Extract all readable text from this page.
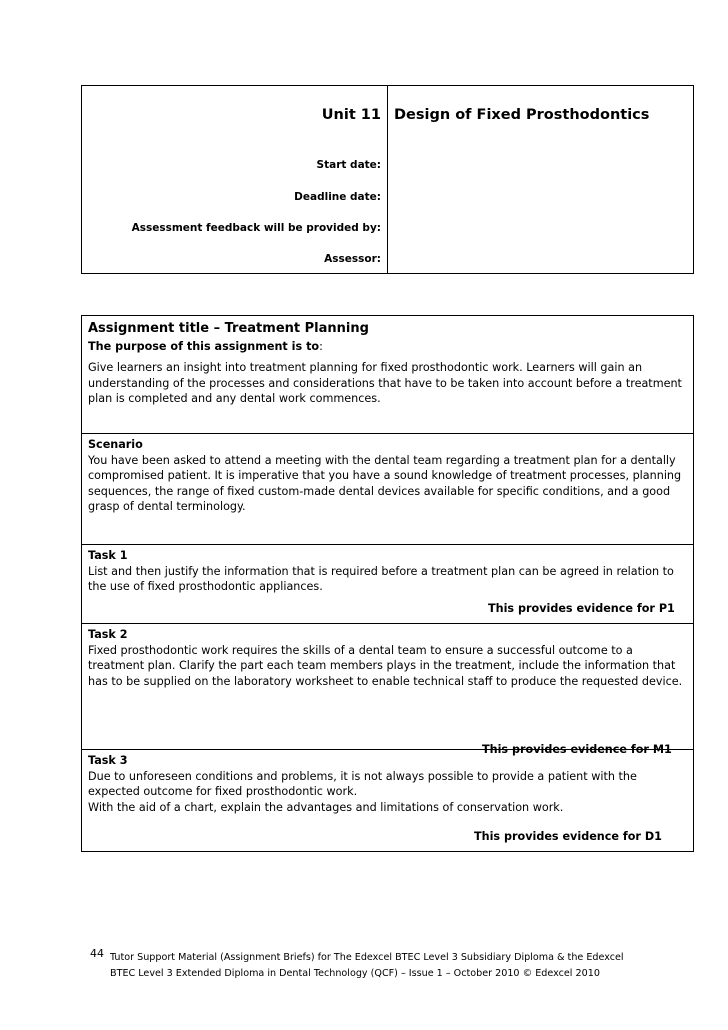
Unit 11 Design of Fixed Prosthodontics
Start date:
Deadline date:
Assessment feedback will be provided by:
Assessor:

Assignment title – Treatment Planning

The purpose of this assignment is to:

Give learners an insight into treatment planning for fixed prosthodontic work. Learners will gain an understanding of the processes and considerations that have to be taken into account before a treatment plan is completed and any dental work commences.

Scenario

You have been asked to attend a meeting with the dental team regarding a treatment plan for a dentally compromised patient. It is imperative that you have a sound knowledge of treatment processes, planning sequences, the range of fixed custom-made dental devices available for specific conditions, and a good grasp of dental terminology.

Task 1

List and then justify the information that is required before a treatment plan can be agreed in relation to the use of fixed prosthodontic appliances.

This provides evidence for P1

Task 2

Fixed prosthodontic work requires the skills of a dental team to ensure a successful outcome to a treatment plan. Clarify the part each team members plays in the treatment, include the information that has to be supplied on the laboratory worksheet to enable technical staff to produce the requested device.

This provides evidence for M1

Task 3

Due to unforeseen conditions and problems, it is not always possible to provide a patient with the expected outcome for fixed prosthodontic work.

With the aid of a chart, explain the advantages and limitations of conservation work.

This provides evidence for D1
44 Tutor Support Material (Assignment Briefs) for The Edexcel BTEC Level 3 Subsidiary Diploma & the Edexcel BTEC Level 3 Extended Diploma in Dental Technology (QCF) – Issue 1 – October 2010 © Edexcel 2010
